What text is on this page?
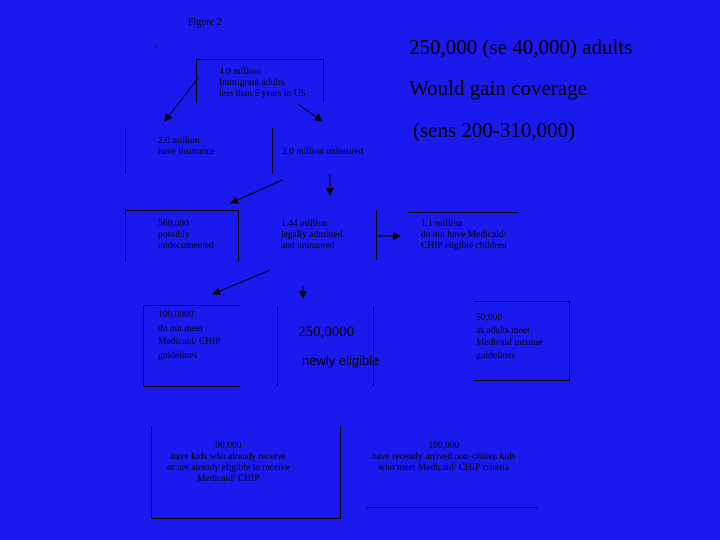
Figure 2
.	250,000 (se 40,000) adults
Would gain coverage
(sens 200-310,000)
4.0 million
Immigrant adults
less than 5 years in US
2.0 million
have insurance	2.0 million uninsured
560,000
possibly
undocumented
1.44 million
legally admitted
and uninsured
1.1 million
do not have Medicaid/
CHIP eligible children
100,0000
do not meet
Medicaid/ CHIP
guidelines
250,0000
newly eligible
50,000
as adults meet
Medicaid income
guidelines
90,000
have kids who already receive
or are already eligible to receive
Medicaid/ CHIP
100,000
have recently arrived non-citizen kids
who meet Medicaid/ CHIP criteria
